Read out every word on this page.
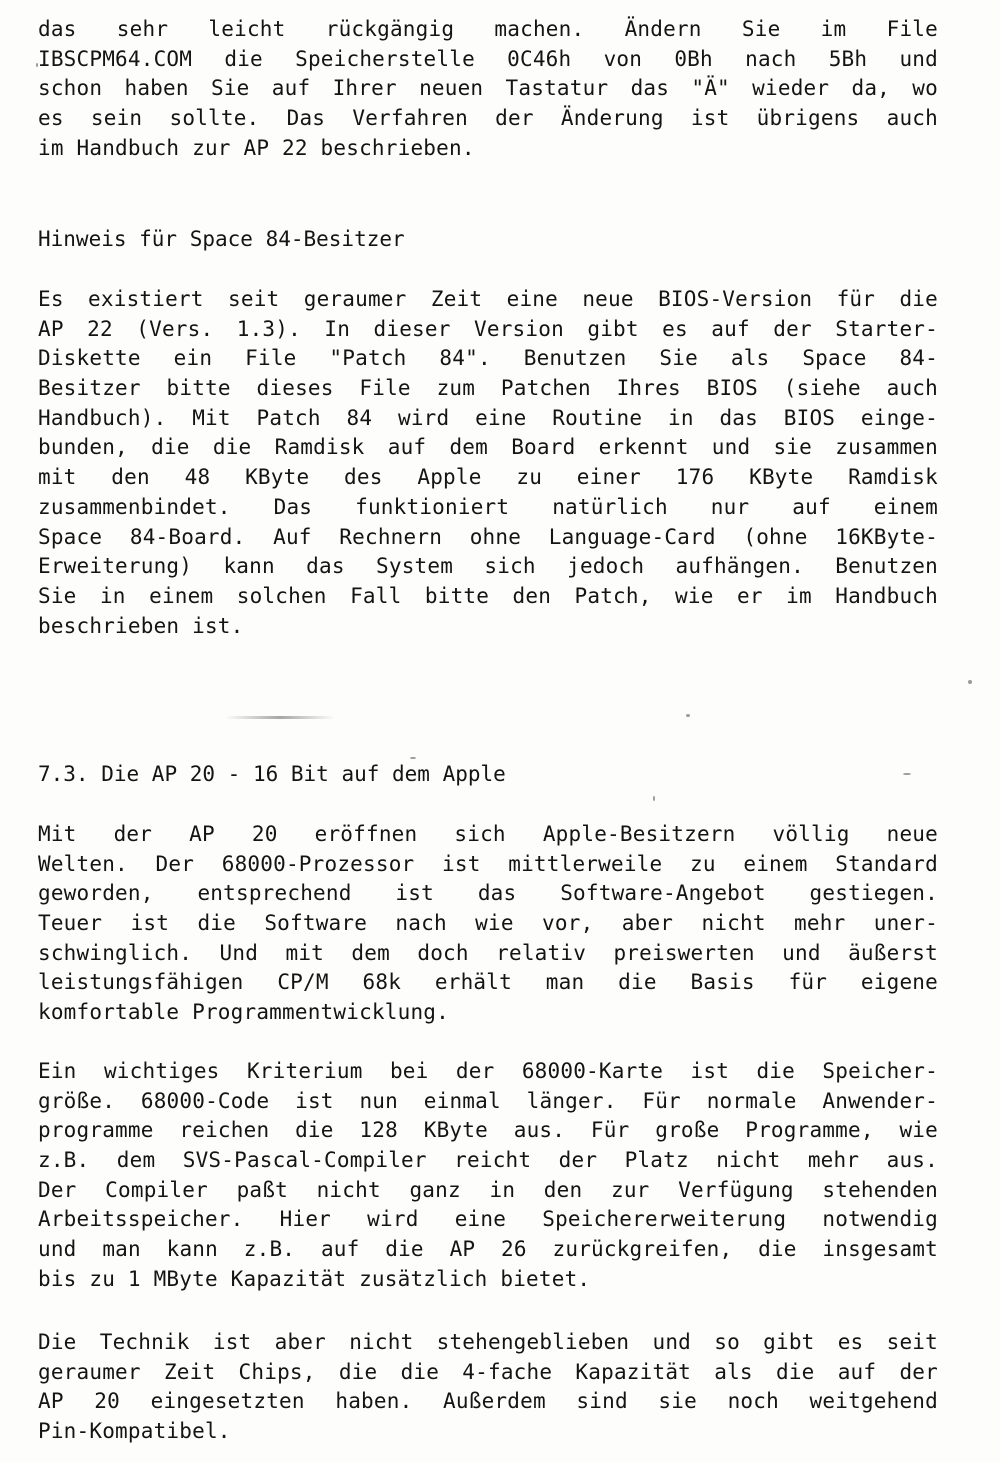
das sehr leicht rückgängig machen. Ändern Sie im File
IBSCPM64.COM die Speicherstelle 0C46h von 0Bh nach 5Bh und
schon haben Sie auf Ihrer neuen Tastatur das "Ä" wieder da, wo
es sein sollte. Das Verfahren der Änderung ist übrigens auch
im Handbuch zur AP 22 beschrieben.
Hinweis für Space 84-Besitzer
Es existiert seit geraumer Zeit eine neue BIOS-Version für die
AP 22 (Vers. 1.3). In dieser Version gibt es auf der Starter-
Diskette ein File "Patch 84". Benutzen Sie als Space 84-
Besitzer bitte dieses File zum Patchen Ihres BIOS (siehe auch
Handbuch). Mit Patch 84 wird eine Routine in das BIOS einge-
bunden, die die Ramdisk auf dem Board erkennt und sie zusammen
mit den 48 KByte des Apple zu einer 176 KByte Ramdisk
zusammenbindet. Das funktioniert natürlich nur auf einem
Space 84-Board. Auf Rechnern ohne Language-Card (ohne 16KByte-
Erweiterung) kann das System sich jedoch aufhängen. Benutzen
Sie in einem solchen Fall bitte den Patch, wie er im Handbuch
beschrieben ist.
7.3. Die AP 20 - 16 Bit auf dem Apple
Mit der AP 20 eröffnen sich Apple-Besitzern völlig neue
Welten. Der 68000-Prozessor ist mittlerweile zu einem Standard
geworden, entsprechend ist das Software-Angebot gestiegen.
Teuer ist die Software nach wie vor, aber nicht mehr uner-
schwinglich. Und mit dem doch relativ preiswerten und äußerst
leistungsfähigen CP/M 68k erhält man die Basis für eigene
komfortable Programmentwicklung.
Ein wichtiges Kriterium bei der 68000-Karte ist die Speicher-
größe. 68000-Code ist nun einmal länger. Für normale Anwender-
programme reichen die 128 KByte aus. Für große Programme, wie
z.B. dem SVS-Pascal-Compiler reicht der Platz nicht mehr aus.
Der Compiler paßt nicht ganz in den zur Verfügung stehenden
Arbeitsspeicher. Hier wird eine Speichererweiterung notwendig
und man kann z.B. auf die AP 26 zurückgreifen, die insgesamt
bis zu 1 MByte Kapazität zusätzlich bietet.
Die Technik ist aber nicht stehengeblieben und so gibt es seit
geraumer Zeit Chips, die die 4-fache Kapazität als die auf der
AP 20 eingesetzten haben. Außerdem sind sie noch weitgehend
Pin-Kompatibel.
